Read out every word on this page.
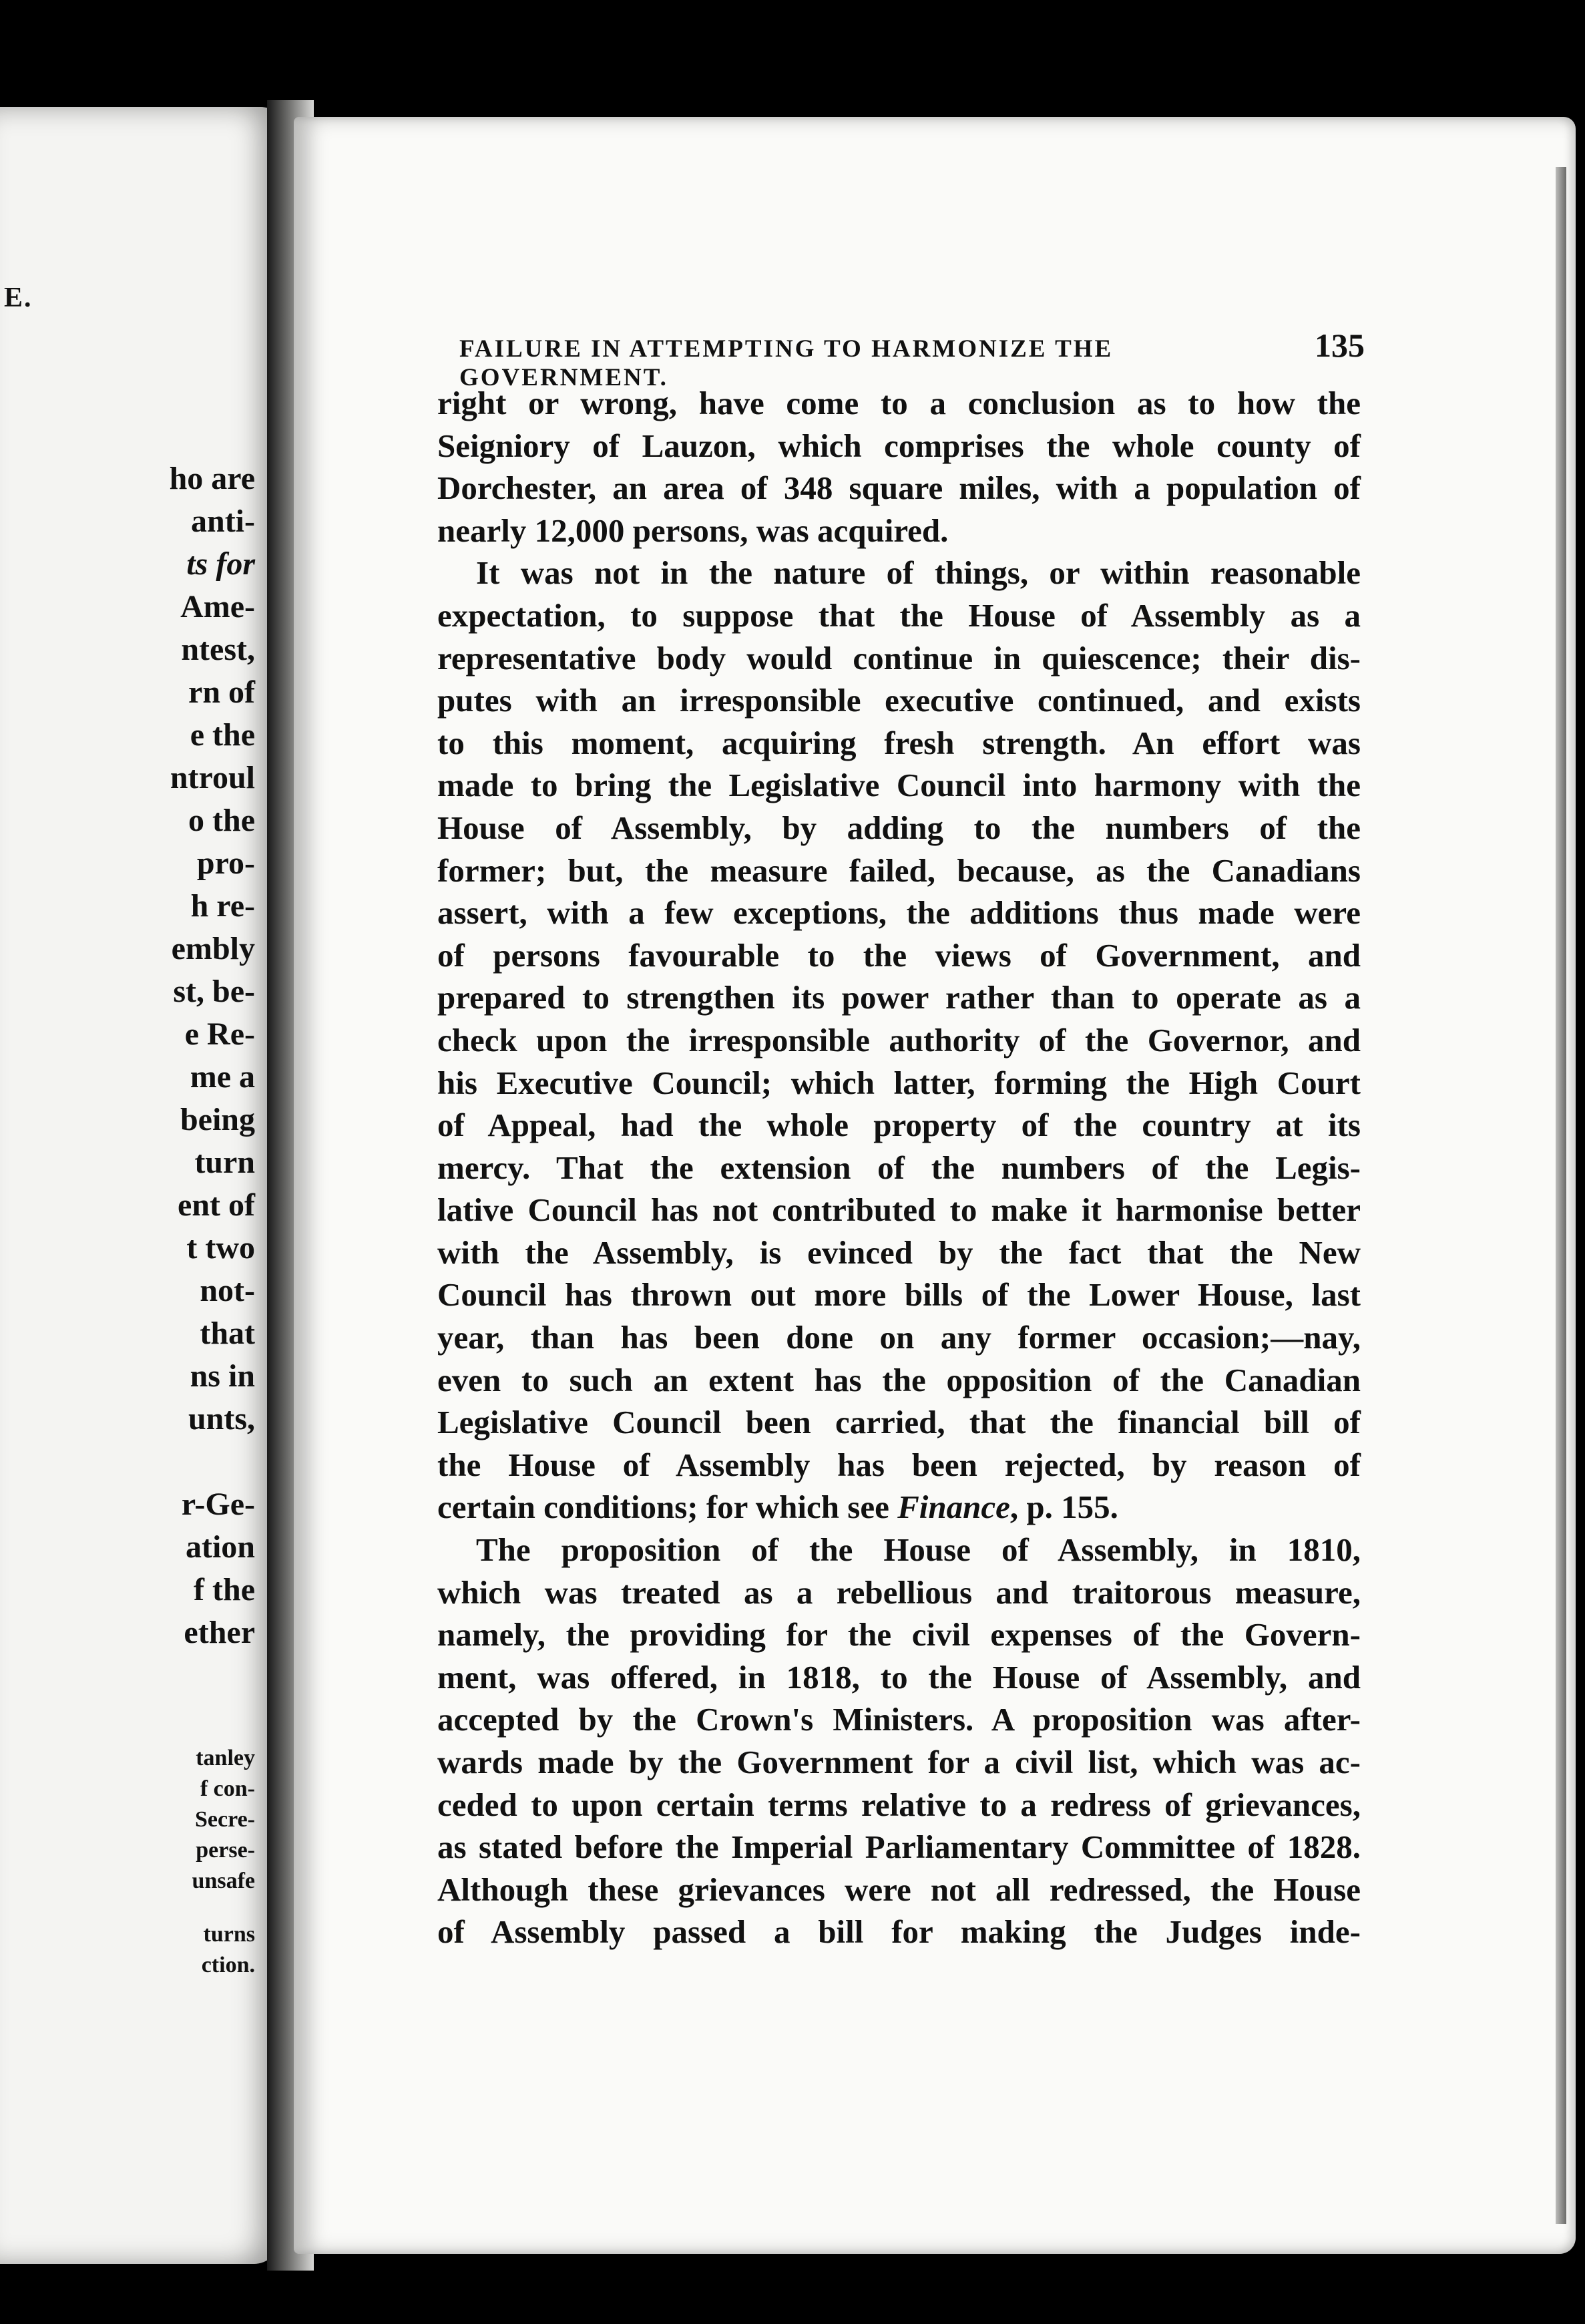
E.
ho are
anti-
ts for
Ame-
ntest,
rn of
e the
ntroul
o the
pro-
h re-
embly
st, be-
e Re-
me a
being
turn
ent of
t two
not-
that
ns in
unts,
r-Ge-
ation
f the
ether
tanley
f con-
Secre-
perse-
unsafe
turns
ction.
FAILURE IN ATTEMPTING TO HARMONIZE THE GOVERNMENT.
135
right or wrong, have come to a conclusion as to how the
Seigniory of Lauzon, which comprises the whole county of
Dorchester, an area of 348 square miles, with a population of
nearly 12,000 persons, was acquired.
It was not in the nature of things, or within reasonable
expectation, to suppose that the House of Assembly as a
representative body would continue in quiescence; their dis-
putes with an irresponsible executive continued, and exists
to this moment, acquiring fresh strength. An effort was
made to bring the Legislative Council into harmony with the
House of Assembly, by adding to the numbers of the
former; but, the measure failed, because, as the Canadians
assert, with a few exceptions, the additions thus made were
of persons favourable to the views of Government, and
prepared to strengthen its power rather than to operate as a
check upon the irresponsible authority of the Governor, and
his Executive Council; which latter, forming the High Court
of Appeal, had the whole property of the country at its
mercy. That the extension of the numbers of the Legis-
lative Council has not contributed to make it harmonise better
with the Assembly, is evinced by the fact that the New
Council has thrown out more bills of the Lower House, last
year, than has been done on any former occasion;—nay,
even to such an extent has the opposition of the Canadian
Legislative Council been carried, that the financial bill of
the House of Assembly has been rejected, by reason of
certain conditions; for which see Finance, p. 155.
The proposition of the House of Assembly, in 1810,
which was treated as a rebellious and traitorous measure,
namely, the providing for the civil expenses of the Govern-
ment, was offered, in 1818, to the House of Assembly, and
accepted by the Crown's Ministers. A proposition was after-
wards made by the Government for a civil list, which was ac-
ceded to upon certain terms relative to a redress of grievances,
as stated before the Imperial Parliamentary Committee of 1828.
Although these grievances were not all redressed, the House
of Assembly passed a bill for making the Judges inde-
